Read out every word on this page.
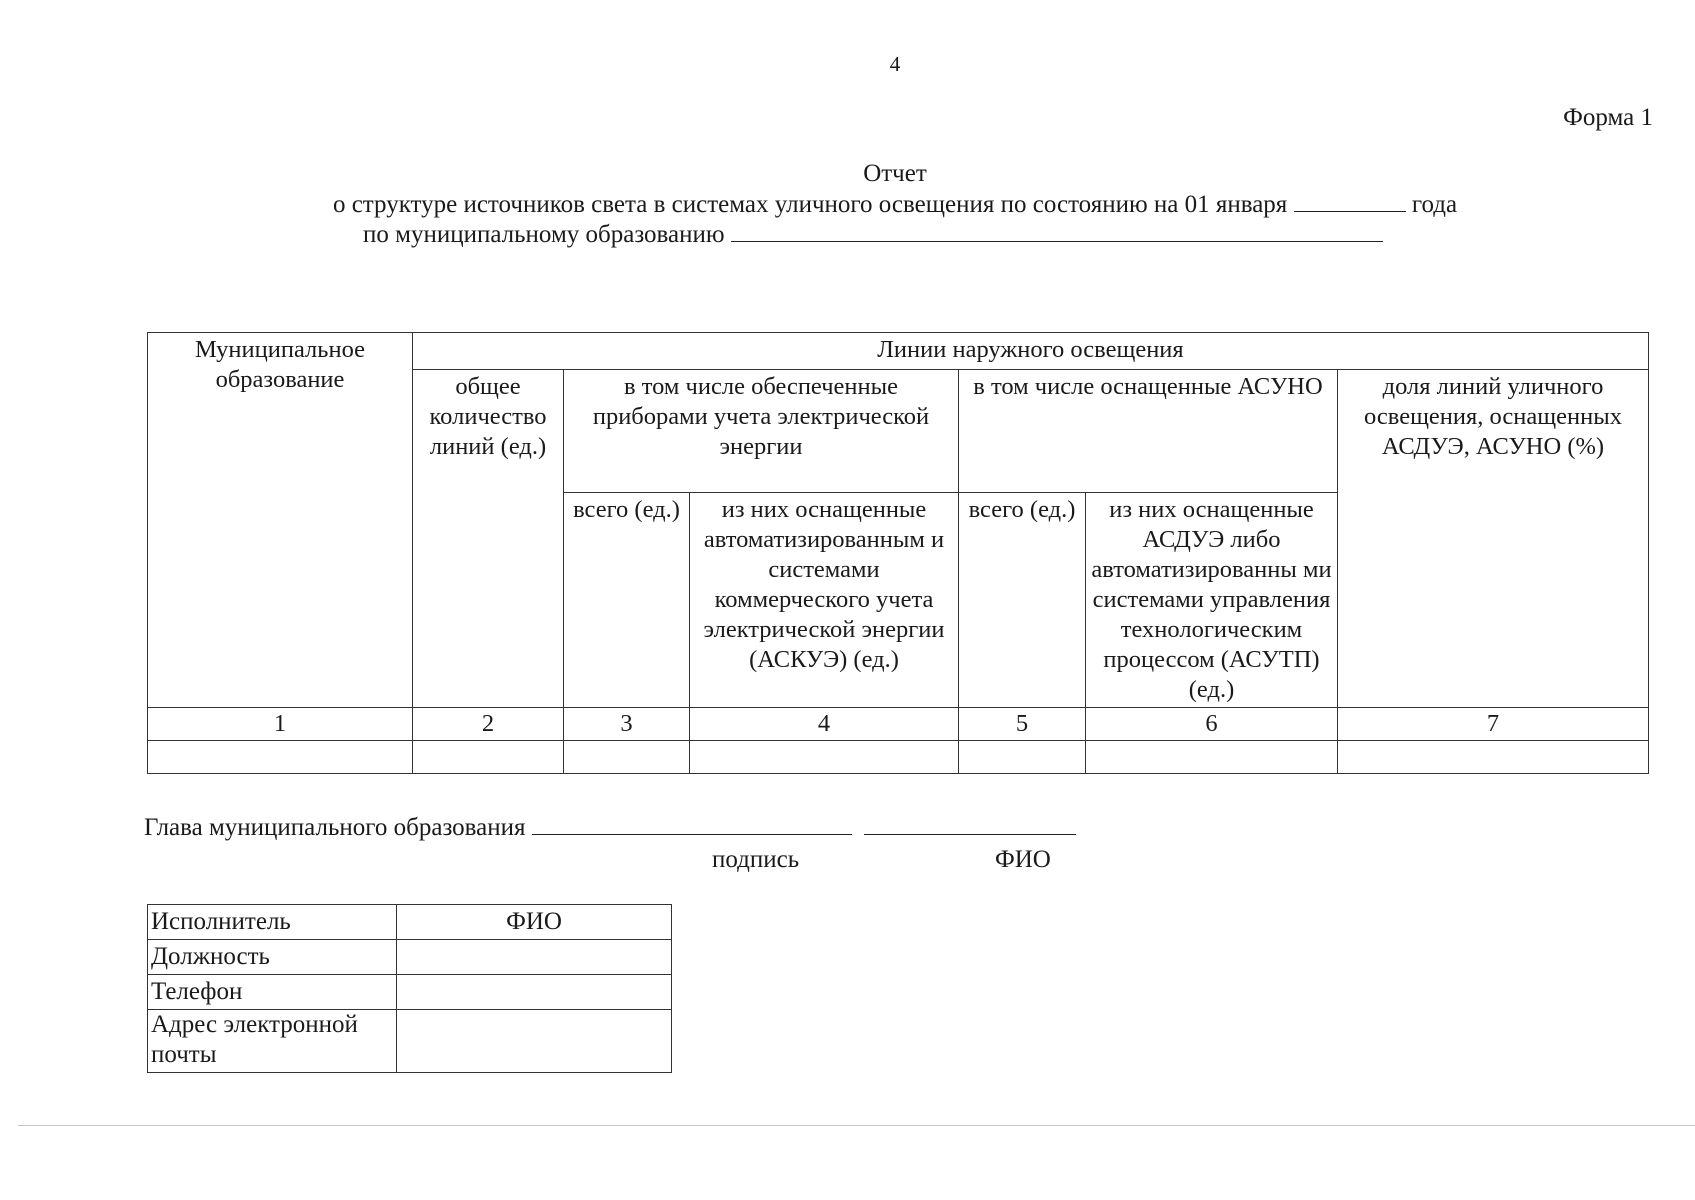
4
Форма 1
Отчет
о структуре источников света в системах уличного освещения по состоянию на 01 января	года
по муниципальному образованию
Муниципальное образование	Линии наружного освещения					
	общее количество линий (ед.)	в том числе обеспеченные приборами учета электрической энергии		в том числе оснащенные АСУНО		доля линий уличного освещения, оснащенных АСДУЭ, АСУНО (%)
		всего (ед.)	из них оснащенные автоматизированным и системами коммерческого учета электрической энергии (АСКУЭ) (ед.)	всего (ед.)	из них оснащенные АСДУЭ либо автоматизированны ми системами управления технологическим процессом (АСУТП) (ед.)	
1	2	3	4	5	6	7

Глава муниципального образования
подпись	ФИО
Исполнитель	ФИО
Должность	
Телефон	
Адрес электронной почты	
